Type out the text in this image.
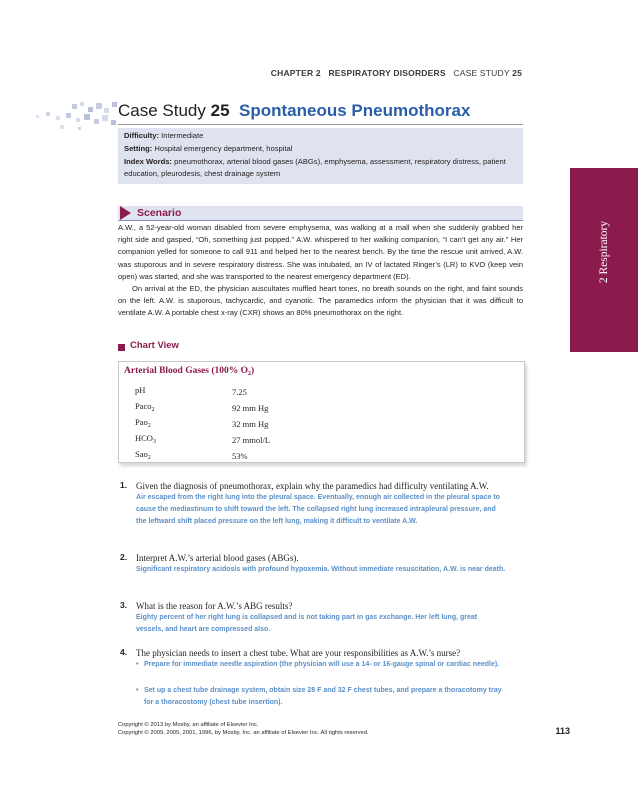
CHAPTER 2 RESPIRATORY DISORDERS CASE STUDY 25
Case Study 25 Spontaneous Pneumothorax
Difficulty: Intermediate
Setting: Hospital emergency department, hospital
Index Words: pneumothorax, arterial blood gases (ABGs), emphysema, assessment, respiratory distress, patient education, pleurodesis, chest drainage system
2 Respiratory
Scenario

A.W., a 52-year-old woman disabled from severe emphysema, was walking at a mall when she suddenly grabbed her right side and gasped, “Oh, something just popped.” A.W. whispered to her walking companion, “I can’t get any air.” Her companion yelled for someone to call 911 and helped her to the nearest bench. By the time the rescue unit arrived, A.W. was stuporous and in severe respiratory distress. She was intubated, an IV of lactated Ringer’s (LR) to KVO (keep vein open) was started, and she was transported to the nearest emergency department (ED).

On arrival at the ED, the physician auscultates muffled heart tones, no breath sounds on the right, and faint sounds on the left. A.W. is stuporous, tachycardic, and cyanotic. The paramedics inform the physician that it was difficult to ventilate A.W. A portable chest x-ray (CXR) shows an 80% pneumothorax on the right.

Chart View
Arterial Blood Gases (100% $O_2$)
pH	7.25
Paco$_2$	92 mm Hg
Pao$_2$	32 mm Hg
$HCO_3$	27 mmol/L
Sao$_2$	53%
1. Given the diagnosis of pneumothorax, explain why the paramedics had difficulty ventilating A.W.
Air escaped from the right lung into the pleural space. Eventually, enough air collected in the pleural space to cause the mediastinum to shift toward the left. The collapsed right lung increased intrapleural pressure, and the leftward shift placed pressure on the left lung, making it difficult to ventilate A.W.
2. Interpret A.W.’s arterial blood gases (ABGs).
Significant respiratory acidosis with profound hypoxemia. Without immediate resuscitation, A.W. is near death.
3. What is the reason for A.W.’s ABG results?
Eighty percent of her right lung is collapsed and is not taking part in gas exchange. Her left lung, great vessels, and heart are compressed also.
4. The physician needs to insert a chest tube. What are your responsibilities as A.W.’s nurse?
• Prepare for immediate needle aspiration (the physician will use a 14- or 16-gauge spinal or cardiac needle).
• Set up a chest tube drainage system, obtain size 28 F and 32 F chest tubes, and prepare a thoracotomy tray for a thoracostomy (chest tube insertion).
Copyright © 2013 by Mosby, an affiliate of Elsevier Inc.
Copyright © 2009, 2005, 2001, 1996, by Mosby, Inc. an affiliate of Elsevier Inc. All rights reserved.	113
